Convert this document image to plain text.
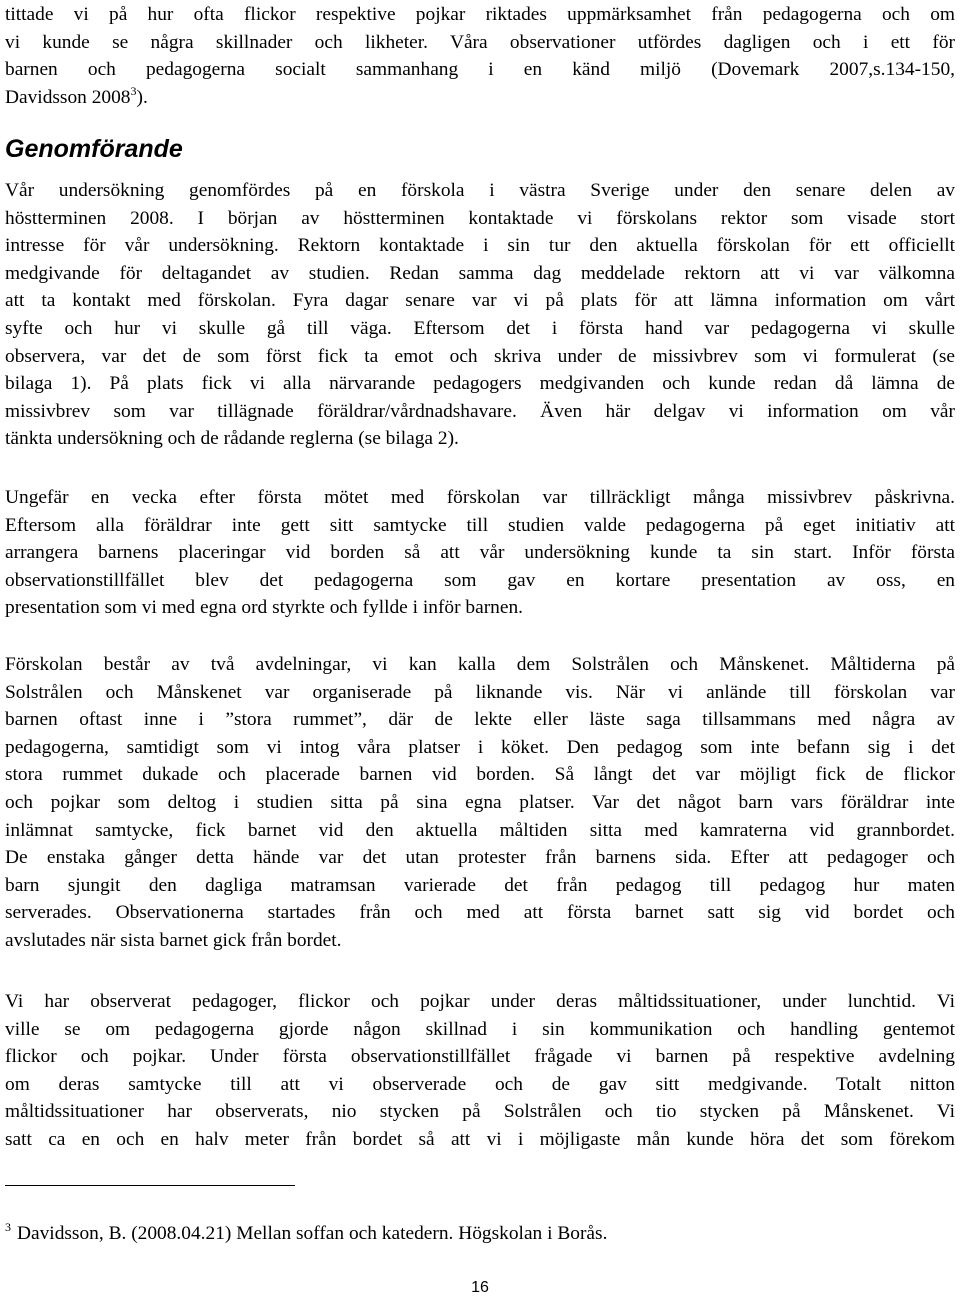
tittade vi på hur ofta flickor respektive pojkar riktades uppmärksamhet från pedagogerna och om
vi kunde se några skillnader och likheter. Våra observationer utfördes dagligen och i ett för
barnen och pedagogerna socialt sammanhang i en känd miljö (Dovemark 2007,s.134-150,
Davidsson 2008$^3$).

Genomförande

Vår undersökning genomfördes på en förskola i västra Sverige under den senare delen av
höstterminen 2008. I början av höstterminen kontaktade vi förskolans rektor som visade stort
intresse för vår undersökning. Rektorn kontaktade i sin tur den aktuella förskolan för ett officiellt
medgivande för deltagandet av studien. Redan samma dag meddelade rektorn att vi var välkomna
att ta kontakt med förskolan. Fyra dagar senare var vi på plats för att lämna information om vårt
syfte och hur vi skulle gå till väga. Eftersom det i första hand var pedagogerna vi skulle
observera, var det de som först fick ta emot och skriva under de missivbrev som vi formulerat (se
bilaga 1). På plats fick vi alla närvarande pedagogers medgivanden och kunde redan då lämna de
missivbrev som var tillägnade föräldrar/vårdnadshavare. Även här delgav vi information om vår
tänkta undersökning och de rådande reglerna (se bilaga 2).

Ungefär en vecka efter första mötet med förskolan var tillräckligt många missivbrev påskrivna.
Eftersom alla föräldrar inte gett sitt samtycke till studien valde pedagogerna på eget initiativ att
arrangera barnens placeringar vid borden så att vår undersökning kunde ta sin start. Inför första
observationstillfället blev det pedagogerna som gav en kortare presentation av oss, en
presentation som vi med egna ord styrkte och fyllde i inför barnen.

Förskolan består av två avdelningar, vi kan kalla dem Solstrålen och Månskenet. Måltiderna på
Solstrålen och Månskenet var organiserade på liknande vis. När vi anlände till förskolan var
barnen oftast inne i ”stora rummet”, där de lekte eller läste saga tillsammans med några av
pedagogerna, samtidigt som vi intog våra platser i köket. Den pedagog som inte befann sig i det
stora rummet dukade och placerade barnen vid borden. Så långt det var möjligt fick de flickor
och pojkar som deltog i studien sitta på sina egna platser. Var det något barn vars föräldrar inte
inlämnat samtycke, fick barnet vid den aktuella måltiden sitta med kamraterna vid grannbordet.
De enstaka gånger detta hände var det utan protester från barnens sida. Efter att pedagoger och
barn sjungit den dagliga matramsan varierade det från pedagog till pedagog hur maten
serverades. Observationerna startades från och med att första barnet satt sig vid bordet och
avslutades när sista barnet gick från bordet.

Vi har observerat pedagoger, flickor och pojkar under deras måltidssituationer, under lunchtid. Vi
ville se om pedagogerna gjorde någon skillnad i sin kommunikation och handling gentemot
flickor och pojkar. Under första observationstillfället frågade vi barnen på respektive avdelning
om deras samtycke till att vi observerade och de gav sitt medgivande. Totalt nitton
måltidssituationer har observerats, nio stycken på Solstrålen och tio stycken på Månskenet. Vi
satt ca en och en halv meter från bordet så att vi i möjligaste mån kunde höra det som förekom

$^3$ Davidsson, B. (2008.04.21) Mellan soffan och katedern. Högskolan i Borås.
16
